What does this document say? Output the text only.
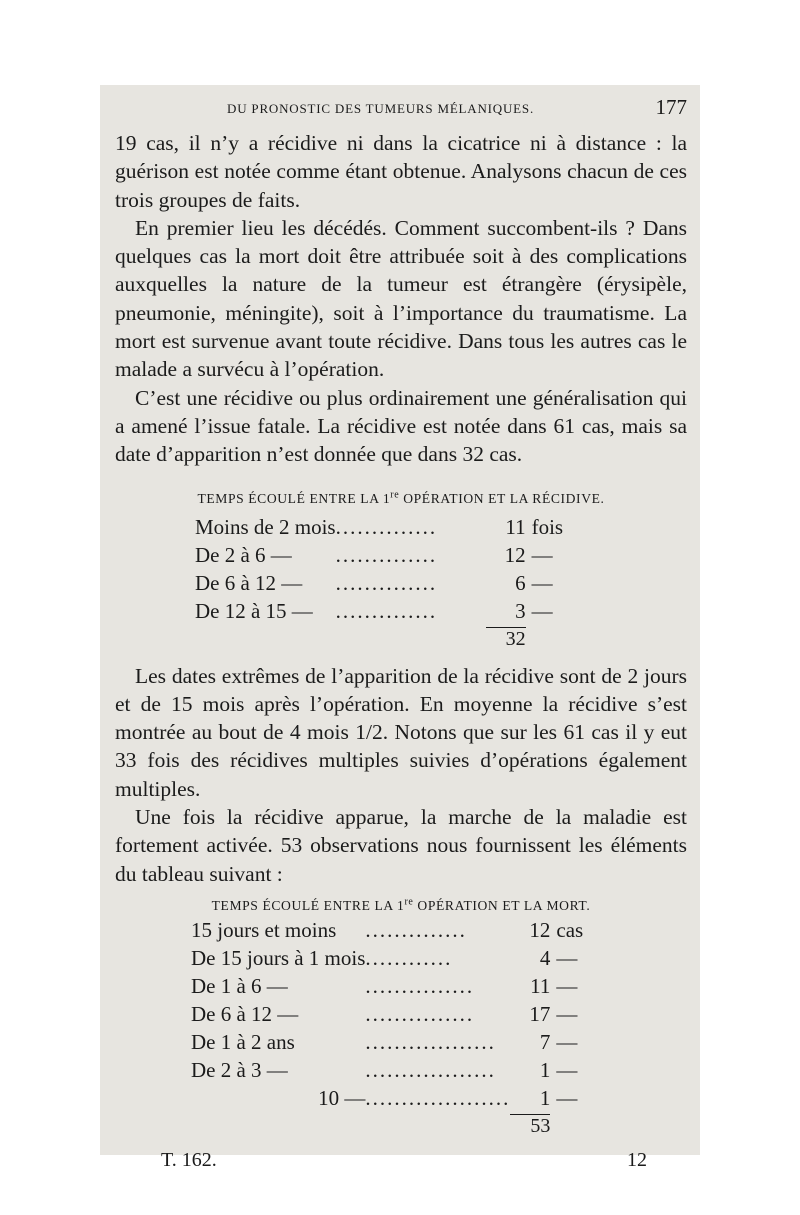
DU PRONOSTIC DES TUMEURS MÉLANIQUES.	177

19 cas, il n’y a récidive ni dans la cicatrice ni à distance : la guérison est notée comme étant obtenue. Analysons chacun de ces trois groupes de faits.

En premier lieu les décédés. Comment succombent-ils ? Dans quelques cas la mort doit être attribuée soit à des complications auxquelles la nature de la tumeur est étrangère (érysipèle, pneumonie, méningite), soit à l’importance du traumatisme. La mort est survenue avant toute récidive. Dans tous les autres cas le malade a survécu à l’opération.

C’est une récidive ou plus ordinairement une généralisation qui a amené l’issue fatale. La récidive est notée dans 61 cas, mais sa date d’apparition n’est donnée que dans 32 cas.

TEMPS ÉCOULÉ ENTRE LA 1re OPÉRATION ET LA RÉCIDIVE.
Moins de 2 mois	..............	11	fois
De 2 à 6 —	..............	12	—
De 6 à 12 —	..............	6	—
De 12 à 15 —	..............	3	—
		32	

Les dates extrêmes de l’apparition de la récidive sont de 2 jours et de 15 mois après l’opération. En moyenne la récidive s’est montrée au bout de 4 mois 1/2. Notons que sur les 61 cas il y eut 33 fois des récidives multiples suivies d’opérations également multiples.

Une fois la récidive apparue, la marche de la maladie est fortement activée. 53 observations nous fournissent les éléments du tableau suivant :

TEMPS ÉCOULÉ ENTRE LA 1re OPÉRATION ET LA MORT.
15 jours et moins	..............	12	cas
De 15 jours à 1 mois	............	4	—
De 1 à 6 —	...............	11	—
De 6 à 12 —	...............	17	—
De 1 à 2 ans	..................	7	—
De 2 à 3 —	..................	1	—
10 —	....................	1	—
		53	
T. 162.	12
